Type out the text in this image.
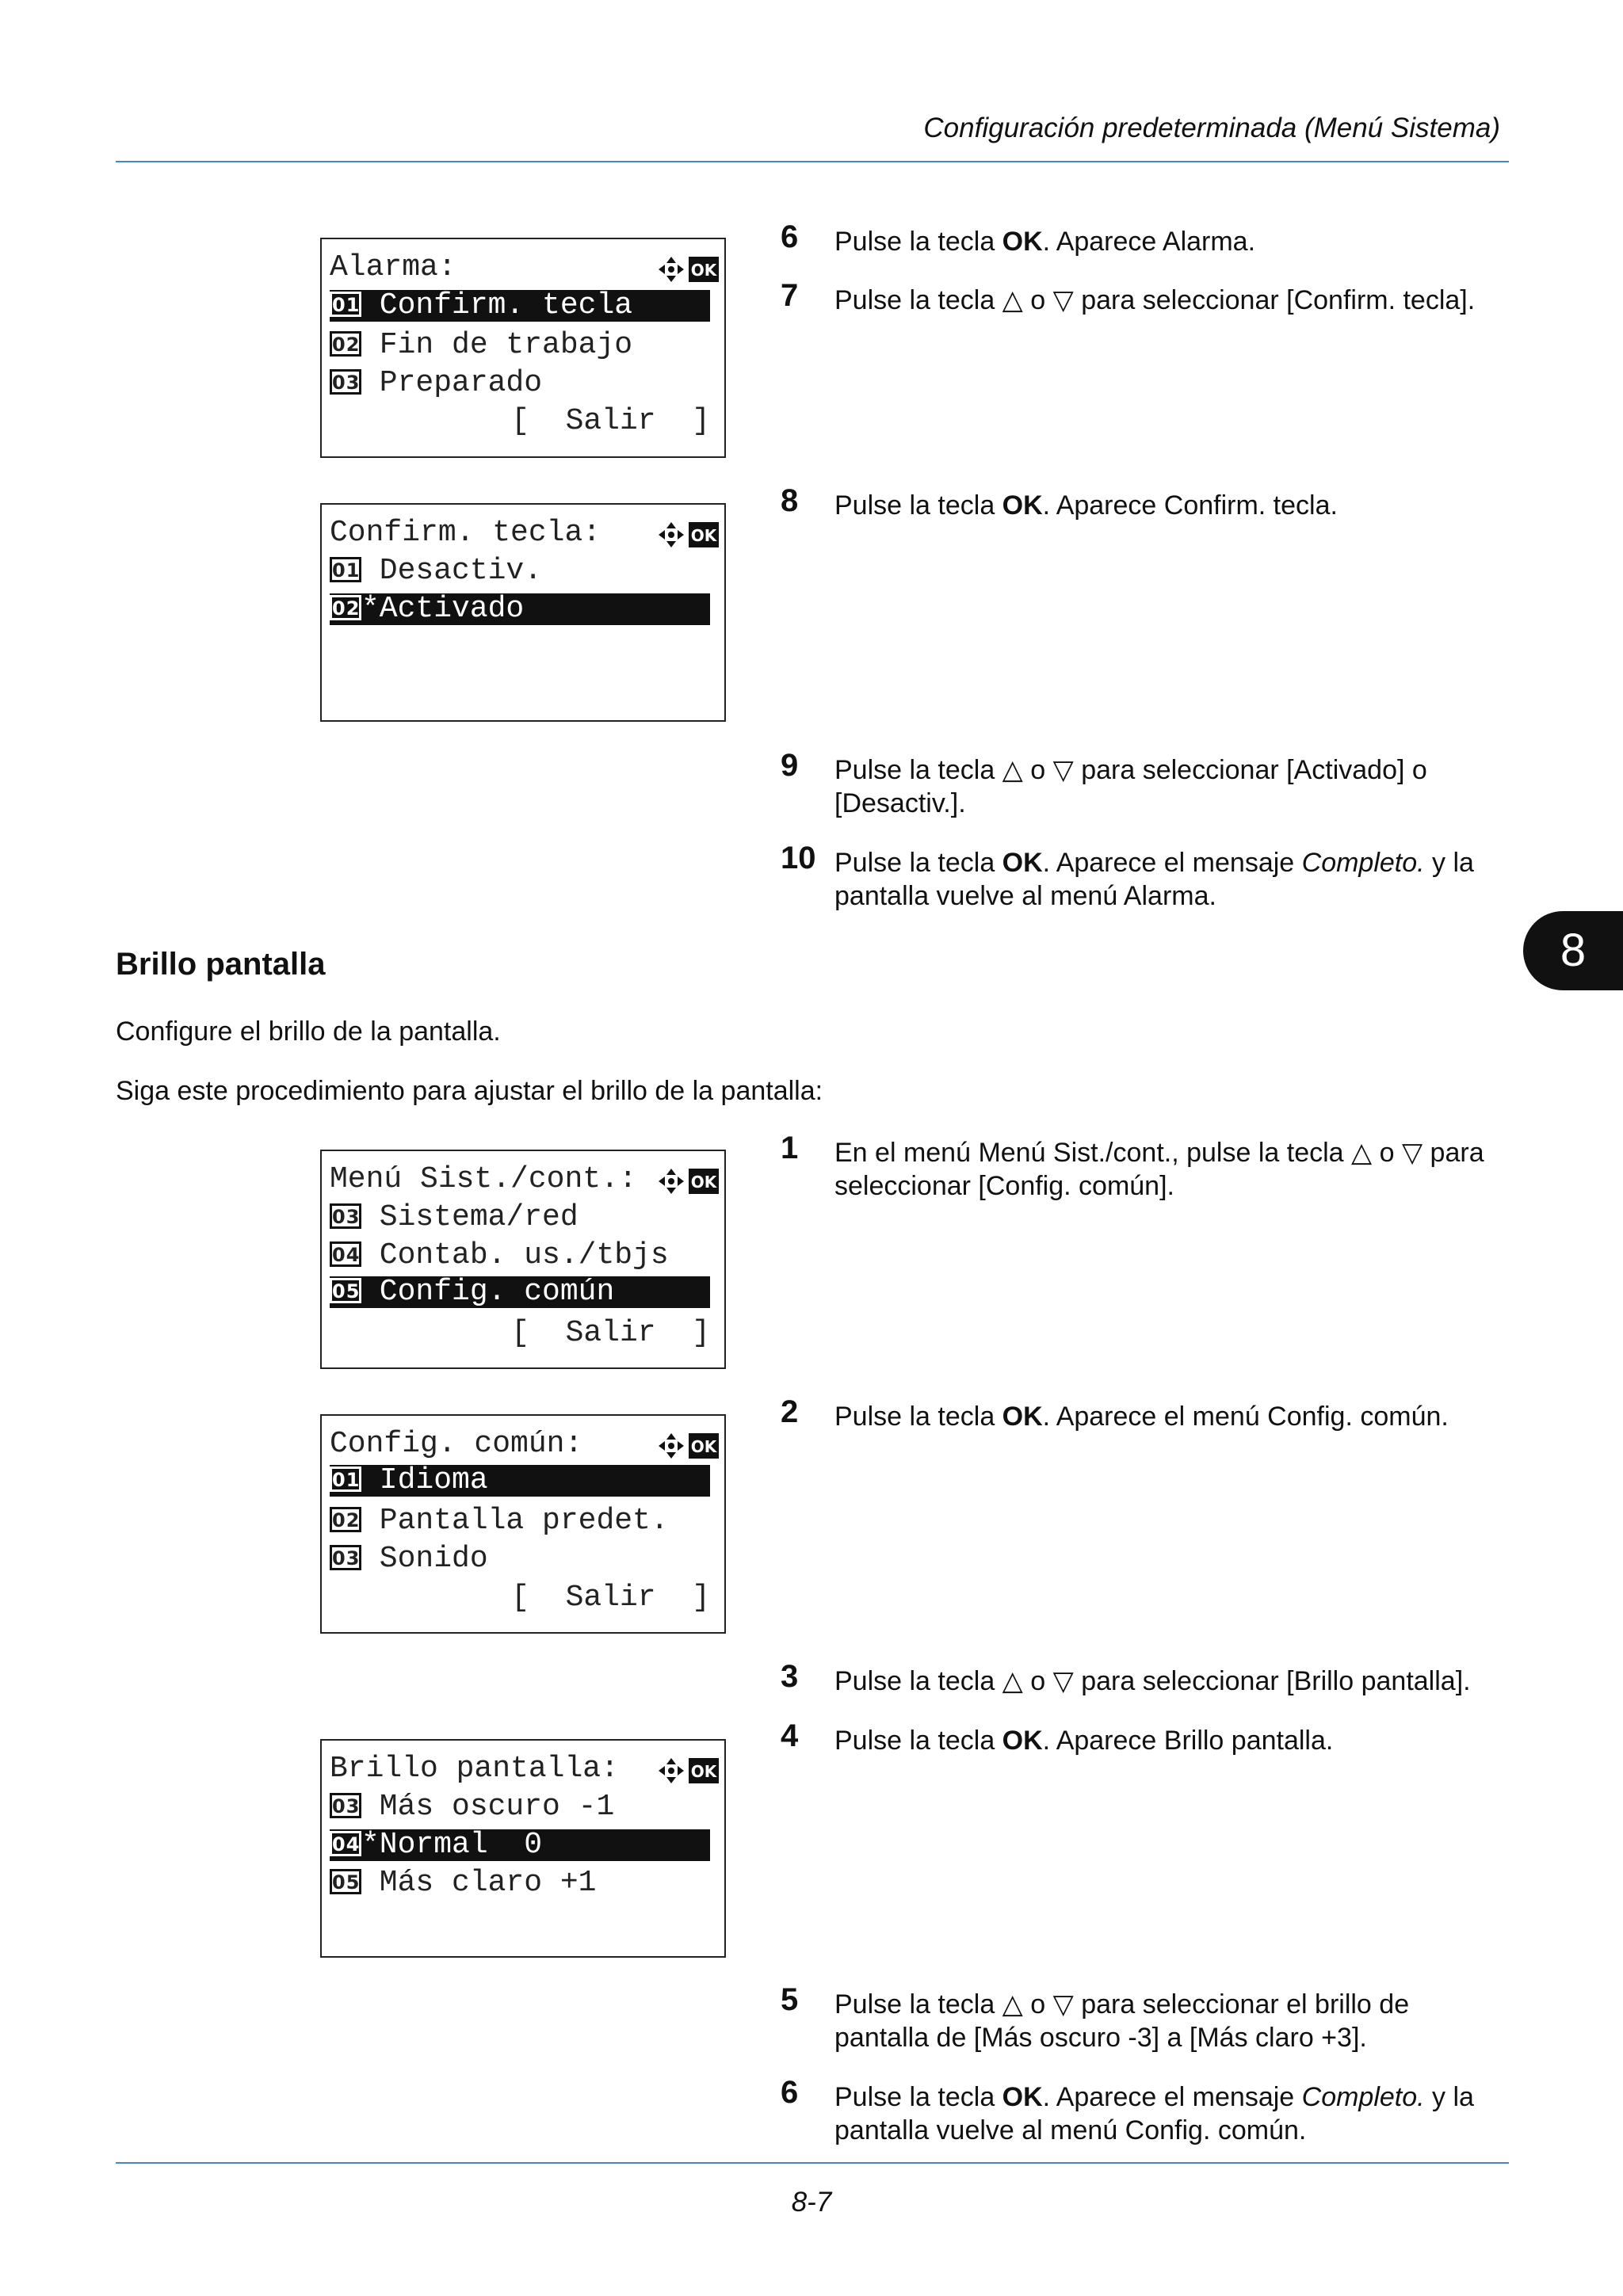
Configuración predeterminada (Menú Sistema)
8
Alarma:	OK
01 Confirm. tecla
02 Fin de trabajo
03 Preparado
[  Salir  ]
Confirm. tecla:	OK
01 Desactiv.
02*Activado
6	Pulse la tecla OK. Aparece Alarma.
7	Pulse la tecla △ o ▽ para seleccionar [Confirm. tecla].
8	Pulse la tecla OK. Aparece Confirm. tecla.
9	Pulse la tecla △ o ▽ para seleccionar [Activado] o
[Desactiv.].
10 Pulse la tecla OK. Aparece el mensaje Completo. y la
pantalla vuelve al menú Alarma.
Brillo pantalla
Configure el brillo de la pantalla.
Siga este procedimiento para ajustar el brillo de la pantalla:
Menú Sist./cont.:	OK
03 Sistema/red
04 Contab. us./tbjs
05 Config. común
[  Salir  ]
Config. común:	OK
01 Idioma
02 Pantalla predet.
03 Sonido
[  Salir  ]
Brillo pantalla:	OK
03 Más oscuro -1
04*Normal  0
05 Más claro +1
1	En el menú Menú Sist./cont., pulse la tecla △ o ▽ para
seleccionar [Config. común].
2	Pulse la tecla OK. Aparece el menú Config. común.
3	Pulse la tecla △ o ▽ para seleccionar [Brillo pantalla].
4	Pulse la tecla OK. Aparece Brillo pantalla.
5	Pulse la tecla △ o ▽ para seleccionar el brillo de
pantalla de [Más oscuro -3] a [Más claro +3].
6	Pulse la tecla OK. Aparece el mensaje Completo. y la
pantalla vuelve al menú Config. común.
8-7
